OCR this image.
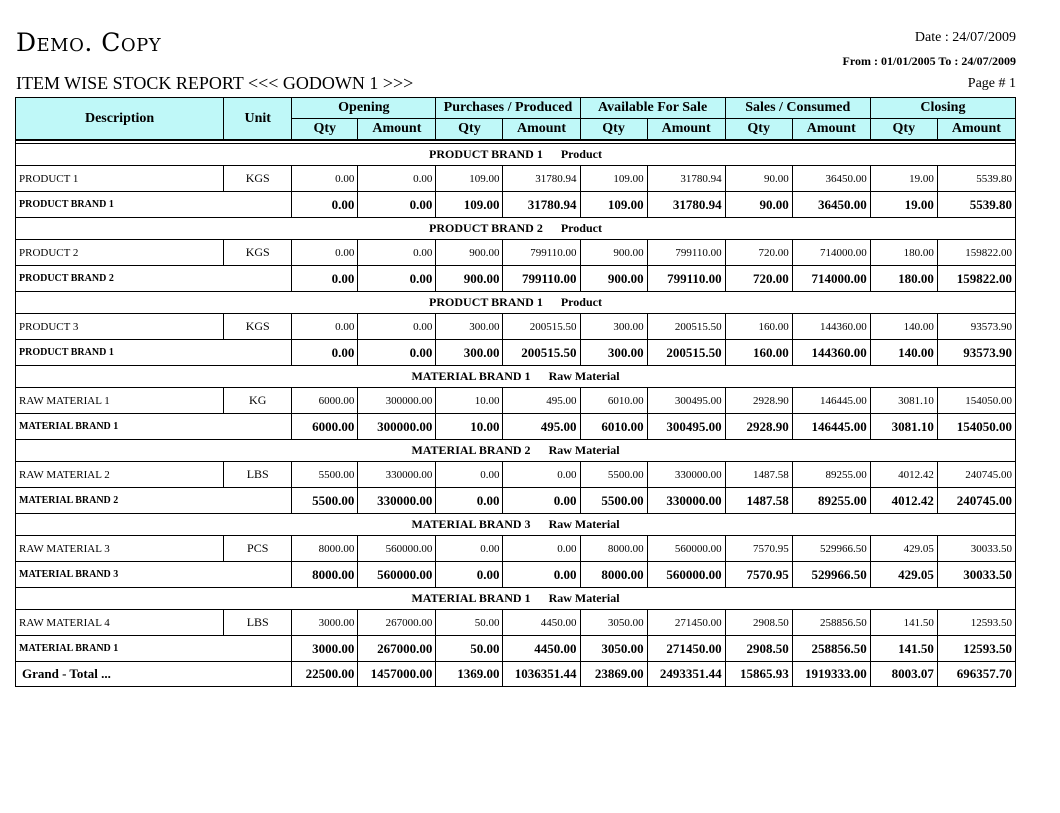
Demo. Copy	Date : 24/07/2009
From : 01/01/2005 To : 24/07/2009
ITEM WISE STOCK REPORT <<< GODOWN 1 >>>	Page # 1
Description	Unit	Opening		Purchases / Produced		Available For Sale		Sales / Consumed		Closing	
		Qty	Amount	Qty	Amount	Qty	Amount	Qty	Amount	Qty	Amount

PRODUCT BRAND 1 Product											
PRODUCT 1	KGS	0.00	0.00	109.00	31780.94	109.00	31780.94	90.00	36450.00	19.00	5539.80
PRODUCT BRAND 1		0.00	0.00	109.00	31780.94	109.00	31780.94	90.00	36450.00	19.00	5539.80
PRODUCT BRAND 2 Product											
PRODUCT 2	KGS	0.00	0.00	900.00	799110.00	900.00	799110.00	720.00	714000.00	180.00	159822.00
PRODUCT BRAND 2		0.00	0.00	900.00	799110.00	900.00	799110.00	720.00	714000.00	180.00	159822.00
PRODUCT BRAND 1 Product											
PRODUCT 3	KGS	0.00	0.00	300.00	200515.50	300.00	200515.50	160.00	144360.00	140.00	93573.90
PRODUCT BRAND 1		0.00	0.00	300.00	200515.50	300.00	200515.50	160.00	144360.00	140.00	93573.90
MATERIAL BRAND 1 Raw Material											
RAW MATERIAL 1	KG	6000.00	300000.00	10.00	495.00	6010.00	300495.00	2928.90	146445.00	3081.10	154050.00
MATERIAL BRAND 1		6000.00	300000.00	10.00	495.00	6010.00	300495.00	2928.90	146445.00	3081.10	154050.00
MATERIAL BRAND 2 Raw Material											
RAW MATERIAL 2	LBS	5500.00	330000.00	0.00	0.00	5500.00	330000.00	1487.58	89255.00	4012.42	240745.00
MATERIAL BRAND 2		5500.00	330000.00	0.00	0.00	5500.00	330000.00	1487.58	89255.00	4012.42	240745.00
MATERIAL BRAND 3 Raw Material											
RAW MATERIAL 3	PCS	8000.00	560000.00	0.00	0.00	8000.00	560000.00	7570.95	529966.50	429.05	30033.50
MATERIAL BRAND 3		8000.00	560000.00	0.00	0.00	8000.00	560000.00	7570.95	529966.50	429.05	30033.50
MATERIAL BRAND 1 Raw Material											
RAW MATERIAL 4	LBS	3000.00	267000.00	50.00	4450.00	3050.00	271450.00	2908.50	258856.50	141.50	12593.50
MATERIAL BRAND 1		3000.00	267000.00	50.00	4450.00	3050.00	271450.00	2908.50	258856.50	141.50	12593.50
Grand - Total ...		22500.00	1457000.00	1369.00	1036351.44	23869.00	2493351.44	15865.93	1919333.00	8003.07	696357.70
